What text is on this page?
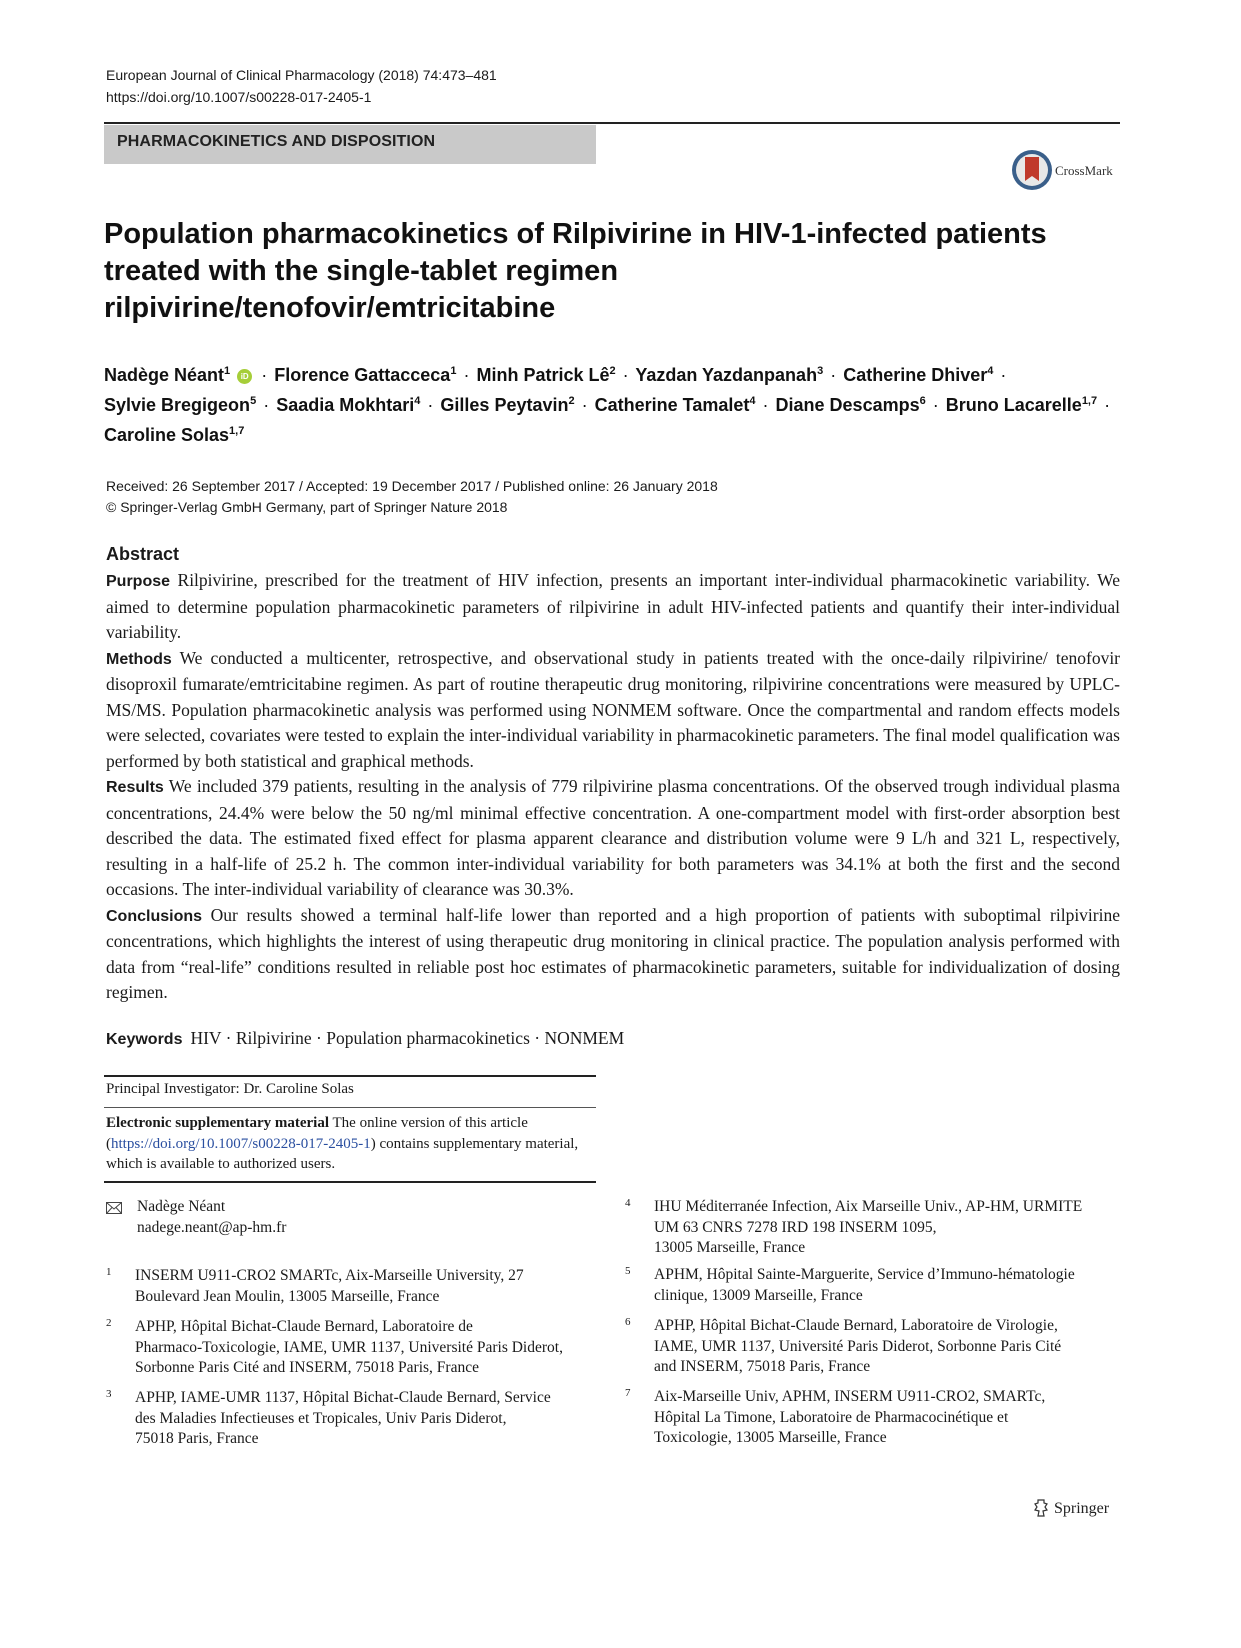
European Journal of Clinical Pharmacology (2018) 74:473–481
https://doi.org/10.1007/s00228-017-2405-1
PHARMACOKINETICS AND DISPOSITION
CrossMark
Population pharmacokinetics of Rilpivirine in HIV-1-infected patients
treated with the single-tablet regimen
rilpivirine/tenofovir/emtricitabine
Nadège Néant$^1$ iD · Florence Gattacceca$^1$ · Minh Patrick $Lê^2$ · Yazdan Yazdanpanah$^3$ · Catherine Dhiver$^4$ ·
Sylvie Bregigeon$^5$ · Saadia Mokhtari$^4$ · Gilles Peytavin$^2$ · Catherine Tamalet$^4$ · Diane Descamps$^6$ · Bruno Lacarelle$^{1,7}$ ·
Caroline Solas$^{1,7}$
Received: 26 September 2017 / Accepted: 19 December 2017 / Published online: 26 January 2018
© Springer-Verlag GmbH Germany, part of Springer Nature 2018
Abstract

Purpose Rilpivirine, prescribed for the treatment of HIV infection, presents an important inter-individual pharmacokinetic variability. We aimed to determine population pharmacokinetic parameters of rilpivirine in adult HIV-infected patients and quantify their inter-individual variability.

Methods We conducted a multicenter, retrospective, and observational study in patients treated with the once-daily rilpivirine/ tenofovir disoproxil fumarate/emtricitabine regimen. As part of routine therapeutic drug monitoring, rilpivirine concentrations were measured by UPLC-MS/MS. Population pharmacokinetic analysis was performed using NONMEM software. Once the compartmental and random effects models were selected, covariates were tested to explain the inter-individual variability in pharmacokinetic parameters. The final model qualification was performed by both statistical and graphical methods.

Results We included 379 patients, resulting in the analysis of 779 rilpivirine plasma concentrations. Of the observed trough individual plasma concentrations, 24.4% were below the 50 ng/ml minimal effective concentration. A one-compartment model with first-order absorption best described the data. The estimated fixed effect for plasma apparent clearance and distribution volume were 9 L/h and 321 L, respectively, resulting in a half-life of 25.2 h. The common inter-individual variability for both parameters was 34.1% at both the first and the second occasions. The inter-individual variability of clearance was 30.3%.

Conclusions Our results showed a terminal half-life lower than reported and a high proportion of patients with suboptimal rilpivirine concentrations, which highlights the interest of using therapeutic drug monitoring in clinical practice. The population analysis performed with data from “real-life” conditions resulted in reliable post hoc estimates of pharmacokinetic parameters, suitable for individualization of dosing regimen.

Keywords HIV · Rilpivirine · Population pharmacokinetics · NONMEM
Principal Investigator: Dr. Caroline Solas
Electronic supplementary material The online version of this article
(https://doi.org/10.1007/s00228-017-2405-1) contains supplementary material, which is available to authorized users.
Nadège Néant
nadege.neant@ap-hm.fr
1 INSERM U911-CRO2 SMARTc, Aix-Marseille University, 27
Boulevard Jean Moulin, 13005 Marseille, France
2 APHP, Hôpital Bichat-Claude Bernard, Laboratoire de
Pharmaco-Toxicologie, IAME, UMR 1137, Université Paris Diderot,
Sorbonne Paris Cité and INSERM, 75018 Paris, France
3 APHP, IAME-UMR 1137, Hôpital Bichat-Claude Bernard, Service
des Maladies Infectieuses et Tropicales, Univ Paris Diderot,
75018 Paris, France
4 IHU Méditerranée Infection, Aix Marseille Univ., AP-HM, URMITE
UM 63 CNRS 7278 IRD 198 INSERM 1095,
13005 Marseille, France
5 APHM, Hôpital Sainte-Marguerite, Service d’Immuno-hématologie
clinique, 13009 Marseille, France
6 APHP, Hôpital Bichat-Claude Bernard, Laboratoire de Virologie,
IAME, UMR 1137, Université Paris Diderot, Sorbonne Paris Cité
and INSERM, 75018 Paris, France
7 Aix-Marseille Univ, APHM, INSERM U911-CRO2, SMARTc,
Hôpital La Timone, Laboratoire de Pharmacocinétique et
Toxicologie, 13005 Marseille, France
Springer
